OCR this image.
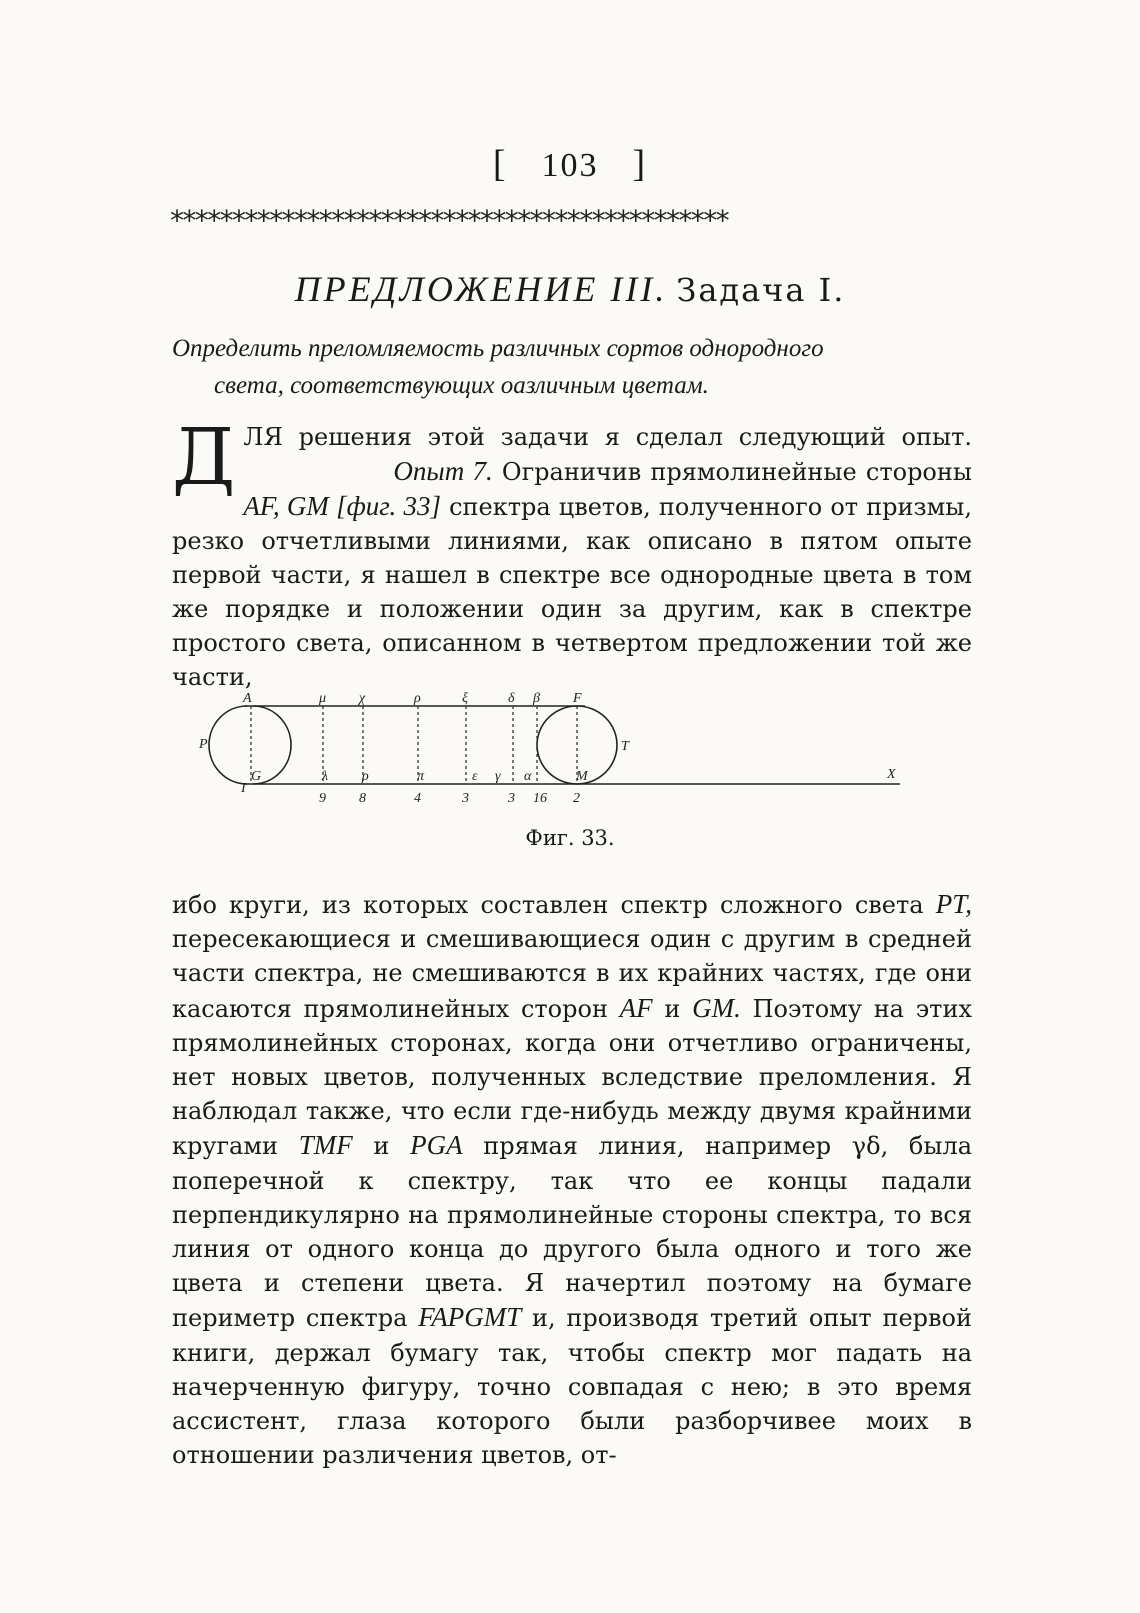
[ 103 ]
*********************************************
ПРЕДЛОЖЕНИЕ III. Задача I.
Определить преломляемость различных сортов однородного
света, соответствующих оазличным цветам.
ДЛЯ решения этой задачи я сделал следующий опыт. Опыт 7. Ограничив прямолинейные стороны AF, GM [фиг. 33] спектра цветов, полученного от призмы, резко отчетливыми линиями, как описано в пятом опыте первой части, я нашел в спектре все однородные цвета в том же порядке и положении один за другим, как в спектре простого света, описанном в четвертом предложении той же части,
A	μ χ	ρ	ξ	δ β F
G	λ ρ	π	ε γ α	M
P	T
X
I
9 8	4	3	3 16 2
Фиг. 33.
ибо круги, из которых составлен спектр сложного света PT, пересекающиеся и смешивающиеся один с другим в средней части спектра, не смешиваются в их крайних частях, где они касаются прямолинейных сторон AF и GM. Поэтому на этих прямолинейных сторонах, когда они отчетливо ограничены, нет новых цветов, полученных вследствие преломления. Я наблюдал также, что если где-нибудь между двумя крайними кругами TMF и PGA прямая линия, например γδ, была поперечной к спектру, так что ее концы падали перпендикулярно на прямолинейные стороны спектра, то вся линия от одного конца до другого была одного и того же цвета и степени цвета. Я начертил поэтому на бумаге периметр спектра FAPGMT и, производя третий опыт первой книги, держал бумагу так, чтобы спектр мог падать на начерченную фигуру, точно совпадая с нею; в это время ассистент, глаза которого были разборчивее моих в отношении различения цветов, от-
